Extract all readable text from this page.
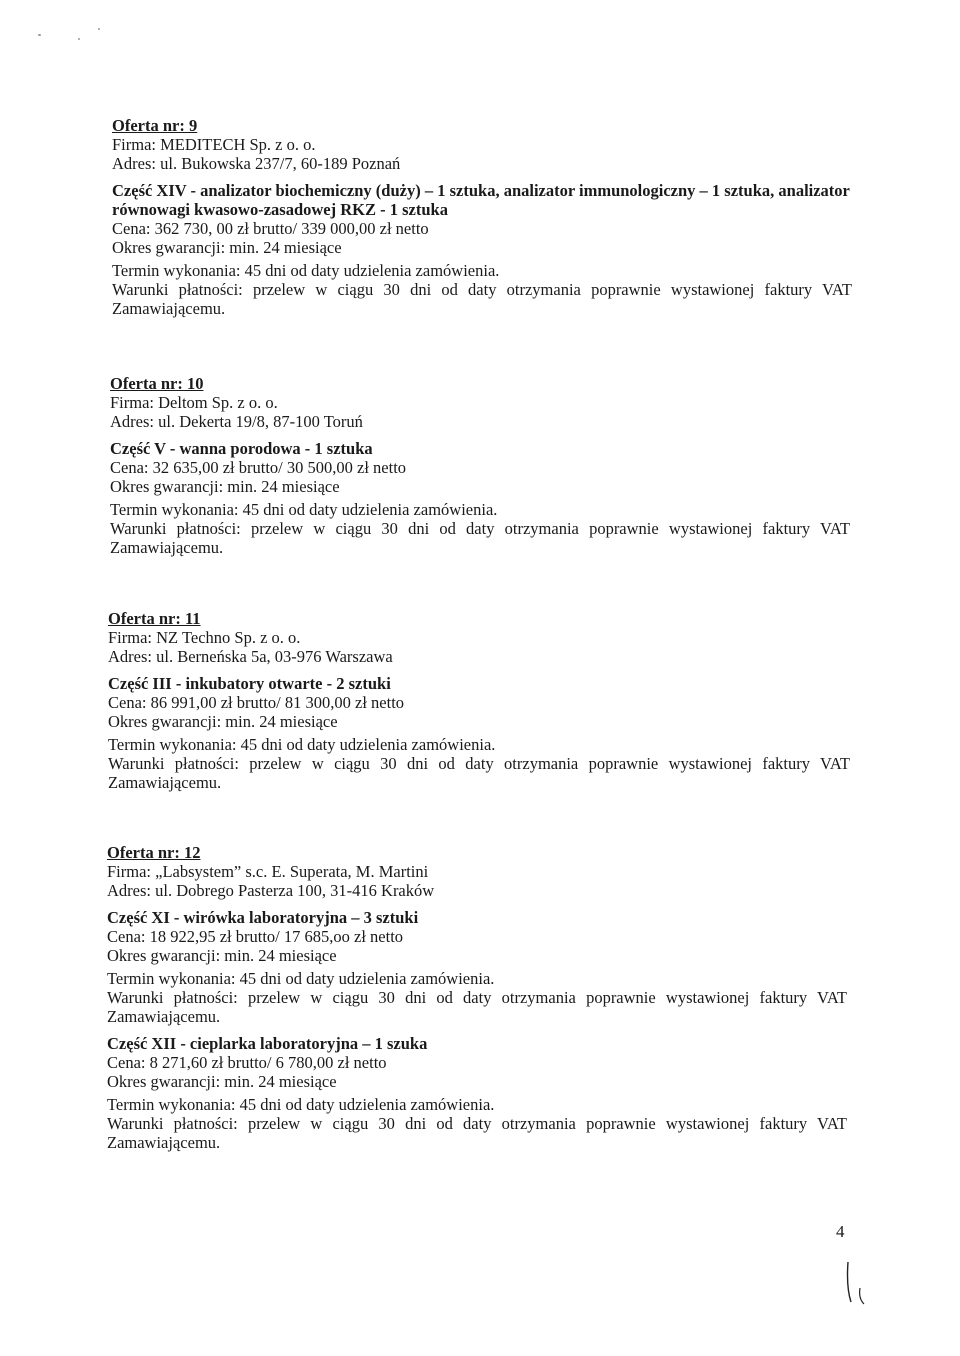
Oferta nr: 9
Firma: MEDITECH Sp. z o. o.
Adres: ul. Bukowska 237/7, 60-189 Poznań
Część XIV - analizator biochemiczny (duży) – 1 sztuka, analizator immunologiczny – 1 sztuka, analizator równowagi kwasowo-zasadowej RKZ - 1 sztuka
Cena: 362 730, 00 zł brutto/ 339 000,00 zł netto
Okres gwarancji: min. 24 miesiące
Termin wykonania: 45 dni od daty udzielenia zamówienia.
Warunki płatności: przelew w ciągu 30 dni od daty otrzymania poprawnie wystawionej faktury VAT Zamawiającemu.
Oferta nr: 10
Firma: Deltom Sp. z o. o.
Adres: ul. Dekerta 19/8, 87-100 Toruń
Część V - wanna porodowa - 1 sztuka
Cena: 32 635,00 zł brutto/ 30 500,00 zł netto
Okres gwarancji: min. 24 miesiące
Termin wykonania: 45 dni od daty udzielenia zamówienia.
Warunki płatności: przelew w ciągu 30 dni od daty otrzymania poprawnie wystawionej faktury VAT Zamawiającemu.
Oferta nr: 11
Firma: NZ Techno Sp. z o. o.
Adres: ul. Bernеńska 5a, 03-976 Warszawa
Część III - inkubatory otwarte - 2 sztuki
Cena: 86 991,00 zł brutto/ 81 300,00 zł netto
Okres gwarancji: min. 24 miesiące
Termin wykonania: 45 dni od daty udzielenia zamówienia.
Warunki płatności: przelew w ciągu 30 dni od daty otrzymania poprawnie wystawionej faktury VAT Zamawiającemu.
Oferta nr: 12
Firma: „Labsystem” s.c. E. Superata, M. Martini
Adres: ul. Dobrego Pasterza 100, 31-416 Kraków
Część XI - wirówka laboratoryjna – 3 sztuki
Cena: 18 922,95 zł brutto/ 17 685,oo zł netto
Okres gwarancji: min. 24 miesiące
Termin wykonania: 45 dni od daty udzielenia zamówienia.
Warunki płatności: przelew w ciągu 30 dni od daty otrzymania poprawnie wystawionej faktury VAT Zamawiającemu.
Część XII - cieplarka laboratoryjna – 1 szuka
Cena: 8 271,60 zł brutto/ 6 780,00 zł netto
Okres gwarancji: min. 24 miesiące
Termin wykonania: 45 dni od daty udzielenia zamówienia.
Warunki płatności: przelew w ciągu 30 dni od daty otrzymania poprawnie wystawionej faktury VAT Zamawiającemu.
4
